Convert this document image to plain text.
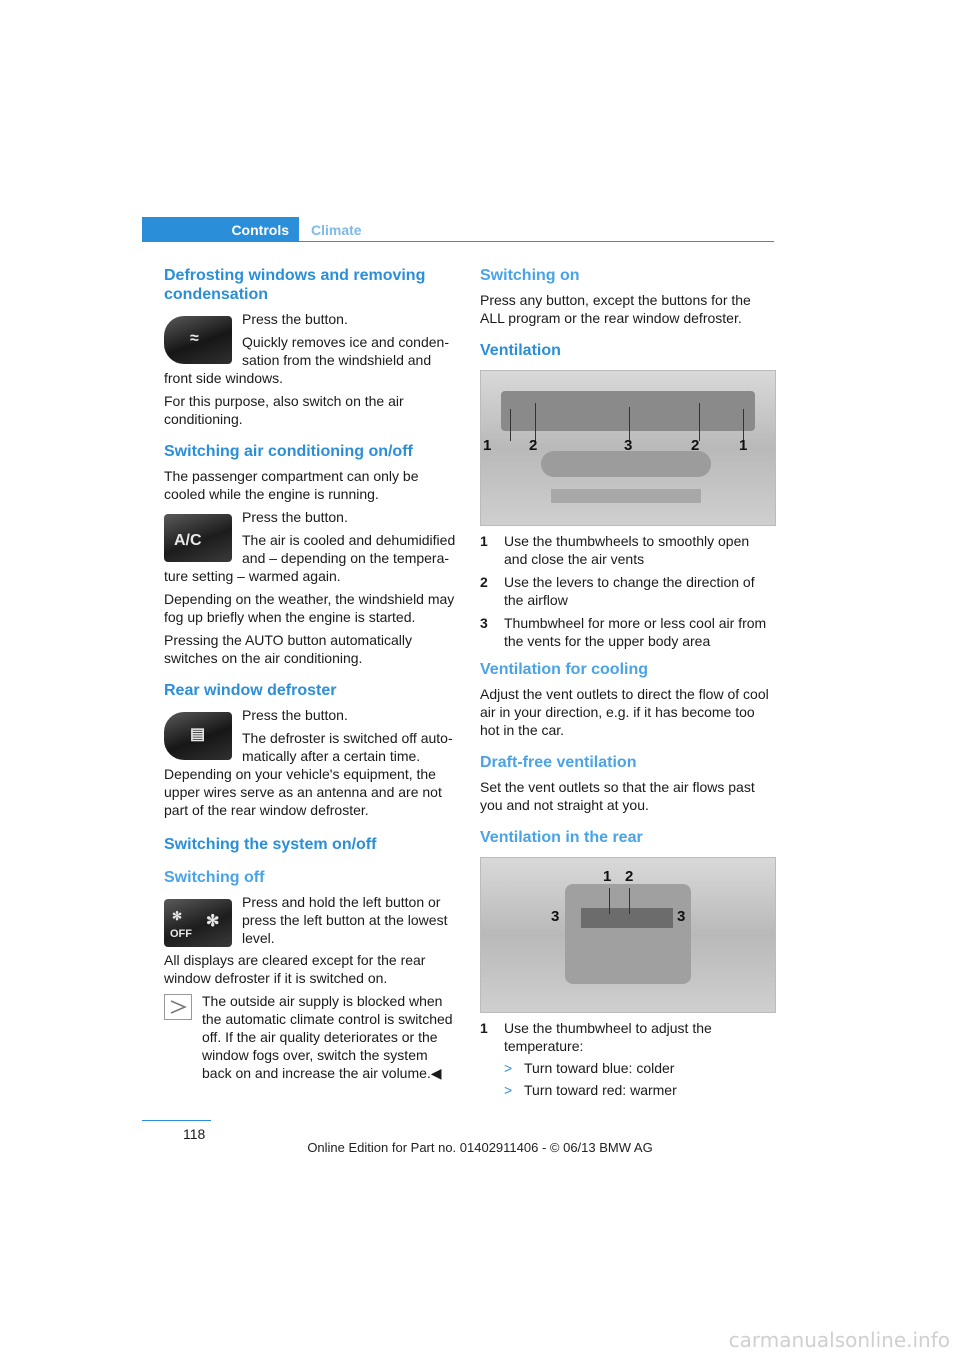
Controls Climate
Defrosting windows and removing condensation
≈

Press the button.

Quickly removes ice and conden-sation from the windshield and

front side windows.

For this purpose, also switch on the air conditioning.

Switching air conditioning on/off

The passenger compartment can only be cooled while the engine is running.

A/C

Press the button.

The air is cooled and dehumidified and – depending on the tempera-

ture setting – warmed again.

Depending on the weather, the windshield may fog up briefly when the engine is started.

Pressing the AUTO button automatically switches on the air conditioning.

Rear window defroster
▤

Press the button.

The defroster is switched off auto-matically after a certain time.

Depending on your vehicle's equipment, the upper wires serve as an antenna and are not part of the rear window defroster.

Switching the system on/off
Switching off
✻
OFF
✻

Press and hold the left button or press the left button at the lowest level.

All displays are cleared except for the rear window defroster if it is switched on.

The outside air supply is blocked when the automatic climate control is switched off. If the air quality deteriorates or the window fogs over, switch the system back on and increase the air volume.◀

Switching on

Press any button, except the buttons for the ALL program or the rear window defroster.

Ventilation
1	2	3	2	1
1 Use the thumbwheels to smoothly open and close the air vents
2 Use the levers to change the direction of the airflow
3 Thumbwheel for more or less cool air from the vents for the upper body area
Ventilation for cooling

Adjust the vent outlets to direct the flow of cool air in your direction, e.g. if it has become too hot in the car.

Draft-free ventilation

Set the vent outlets so that the air flows past you and not straight at you.

Ventilation in the rear
1 2
3	3
1 Use the thumbwheel to adjust the temperature:
> Turn toward blue: colder
> Turn toward red: warmer
118
Online Edition for Part no. 01402911406 - © 06/13 BMW AG
carmanualsonline.info
